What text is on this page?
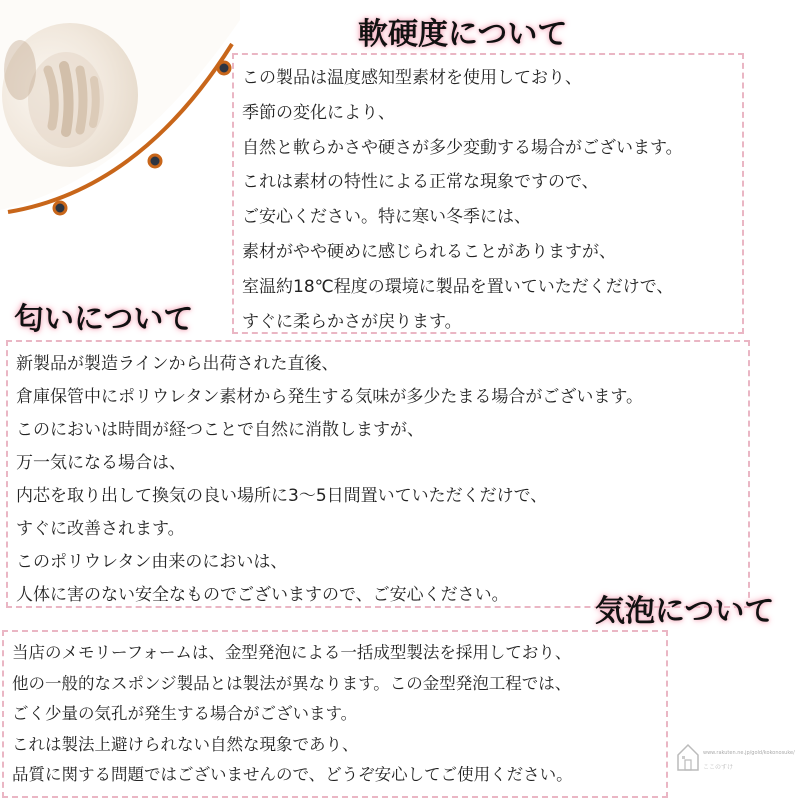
軟硬度について

この製品は温度感知型素材を使用しており、

季節の変化により、

自然と軟らかさや硬さが多少変動する場合がございます。

これは素材の特性による正常な現象ですので、

ご安心ください。特に寒い冬季には、

素材がやや硬めに感じられることがありますが、

室温約18℃程度の環境に製品を置いていただくだけで、

すぐに柔らかさが戻ります。

匂いについて

新製品が製造ラインから出荷された直後、

倉庫保管中にポリウレタン素材から発生する気味が多少たまる場合がございます。

このにおいは時間が経つことで自然に消散しますが、

万一気になる場合は、

内芯を取り出して換気の良い場所に3〜5日間置いていただくだけで、

すぐに改善されます。

このポリウレタン由来のにおいは、

人体に害のない安全なものでございますので、ご安心ください。	気泡について

当店のメモリーフォームは、金型発泡による一括成型製法を採用しており、

他の一般的なスポンジ製品とは製法が異なります。この金型発泡工程では、

ごく少量の気孔が発生する場合がございます。

これは製法上避けられない自然な現象であり、

品質に関する問題ではございませんので、どうぞ安心してご使用ください。

www.rakuten.ne.jp/gold/kokonosuke/
ここのすけ
